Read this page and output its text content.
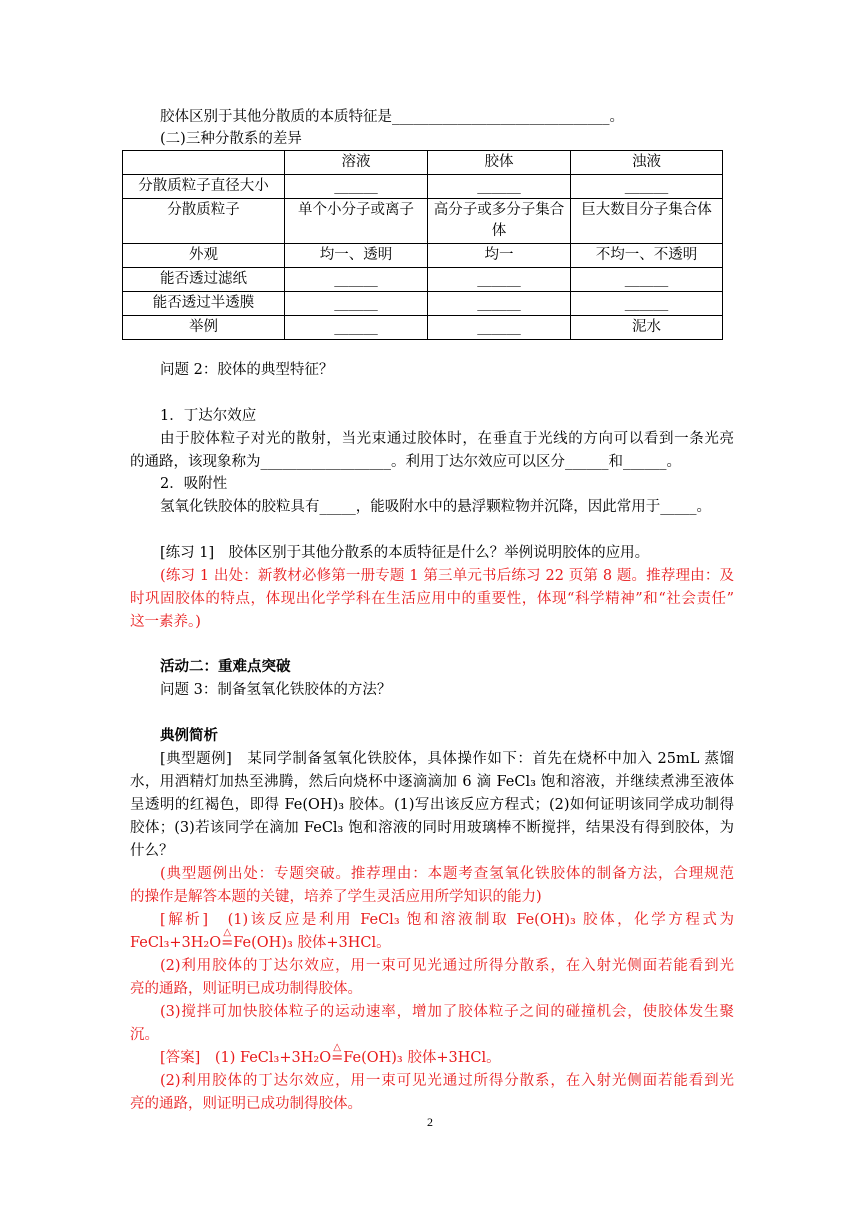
胶体区别于其他分散质的本质特征是______________________________。
(二)三种分散系的差异
	溶液	胶体	浊液
分散质粒子直径大小	______	______	______
分散质粒子	单个小分子或离子	高分子或多分子集合体	巨大数目分子集合体
外观	均一、透明	均一	不均一、不透明
能否透过滤纸	______	______	______
能否透过半透膜	______	______	______
举例	______	______	泥水
问题 2：胶体的典型特征？
1．丁达尔效应
由于胶体粒子对光的散射，当光束通过胶体时，在垂直于光线的方向可以看到一条光亮
的通路，该现象称为__________________。利用丁达尔效应可以区分______和______。
2．吸附性
氢氧化铁胶体的胶粒具有_____，能吸附水中的悬浮颗粒物并沉降，因此常用于_____。
[练习 1]　胶体区别于其他分散系的本质特征是什么？举例说明胶体的应用。
(练习 1 出处：新教材必修第一册专题 1 第三单元书后练习 22 页第 8 题。推荐理由：及
时巩固胶体的特点，体现出化学学科在生活应用中的重要性，体现“科学精神”和“社会责任”
这一素养。)
活动二：重难点突破
问题 3：制备氢氧化铁胶体的方法？
典例简析
[典型题例]　某同学制备氢氧化铁胶体，具体操作如下：首先在烧杯中加入 25mL 蒸馏
水，用酒精灯加热至沸腾，然后向烧杯中逐滴滴加 6 滴 FeCl₃ 饱和溶液，并继续煮沸至液体
呈透明的红褐色，即得 Fe(OH)₃ 胶体。(1)写出该反应方程式；(2)如何证明该同学成功制得
胶体；(3)若该同学在滴加 FeCl₃ 饱和溶液的同时用玻璃棒不断搅拌，结果没有得到胶体，为
什么？
(典型题例出处：专题突破。推荐理由：本题考查氢氧化铁胶体的制备方法，合理规范
的操作是解答本题的关键，培养了学生灵活应用所学知识的能力)
[解析]　(1)该反应是利用 FeCl₃ 饱和溶液制取 Fe(OH)₃ 胶体，化学方程式为
FeCl₃+3H₂O
△
=Fe(OH)₃ 胶体+3HCl。
(2)利用胶体的丁达尔效应，用一束可见光通过所得分散系，在入射光侧面若能看到光
亮的通路，则证明已成功制得胶体。
(3)搅拌可加快胶体粒子的运动速率，增加了胶体粒子之间的碰撞机会，使胶体发生聚
沉。
[答案]　(1) FeCl₃+3H₂O
△
=Fe(OH)₃ 胶体+3HCl。
(2)利用胶体的丁达尔效应，用一束可见光通过所得分散系，在入射光侧面若能看到光
亮的通路，则证明已成功制得胶体。
2
